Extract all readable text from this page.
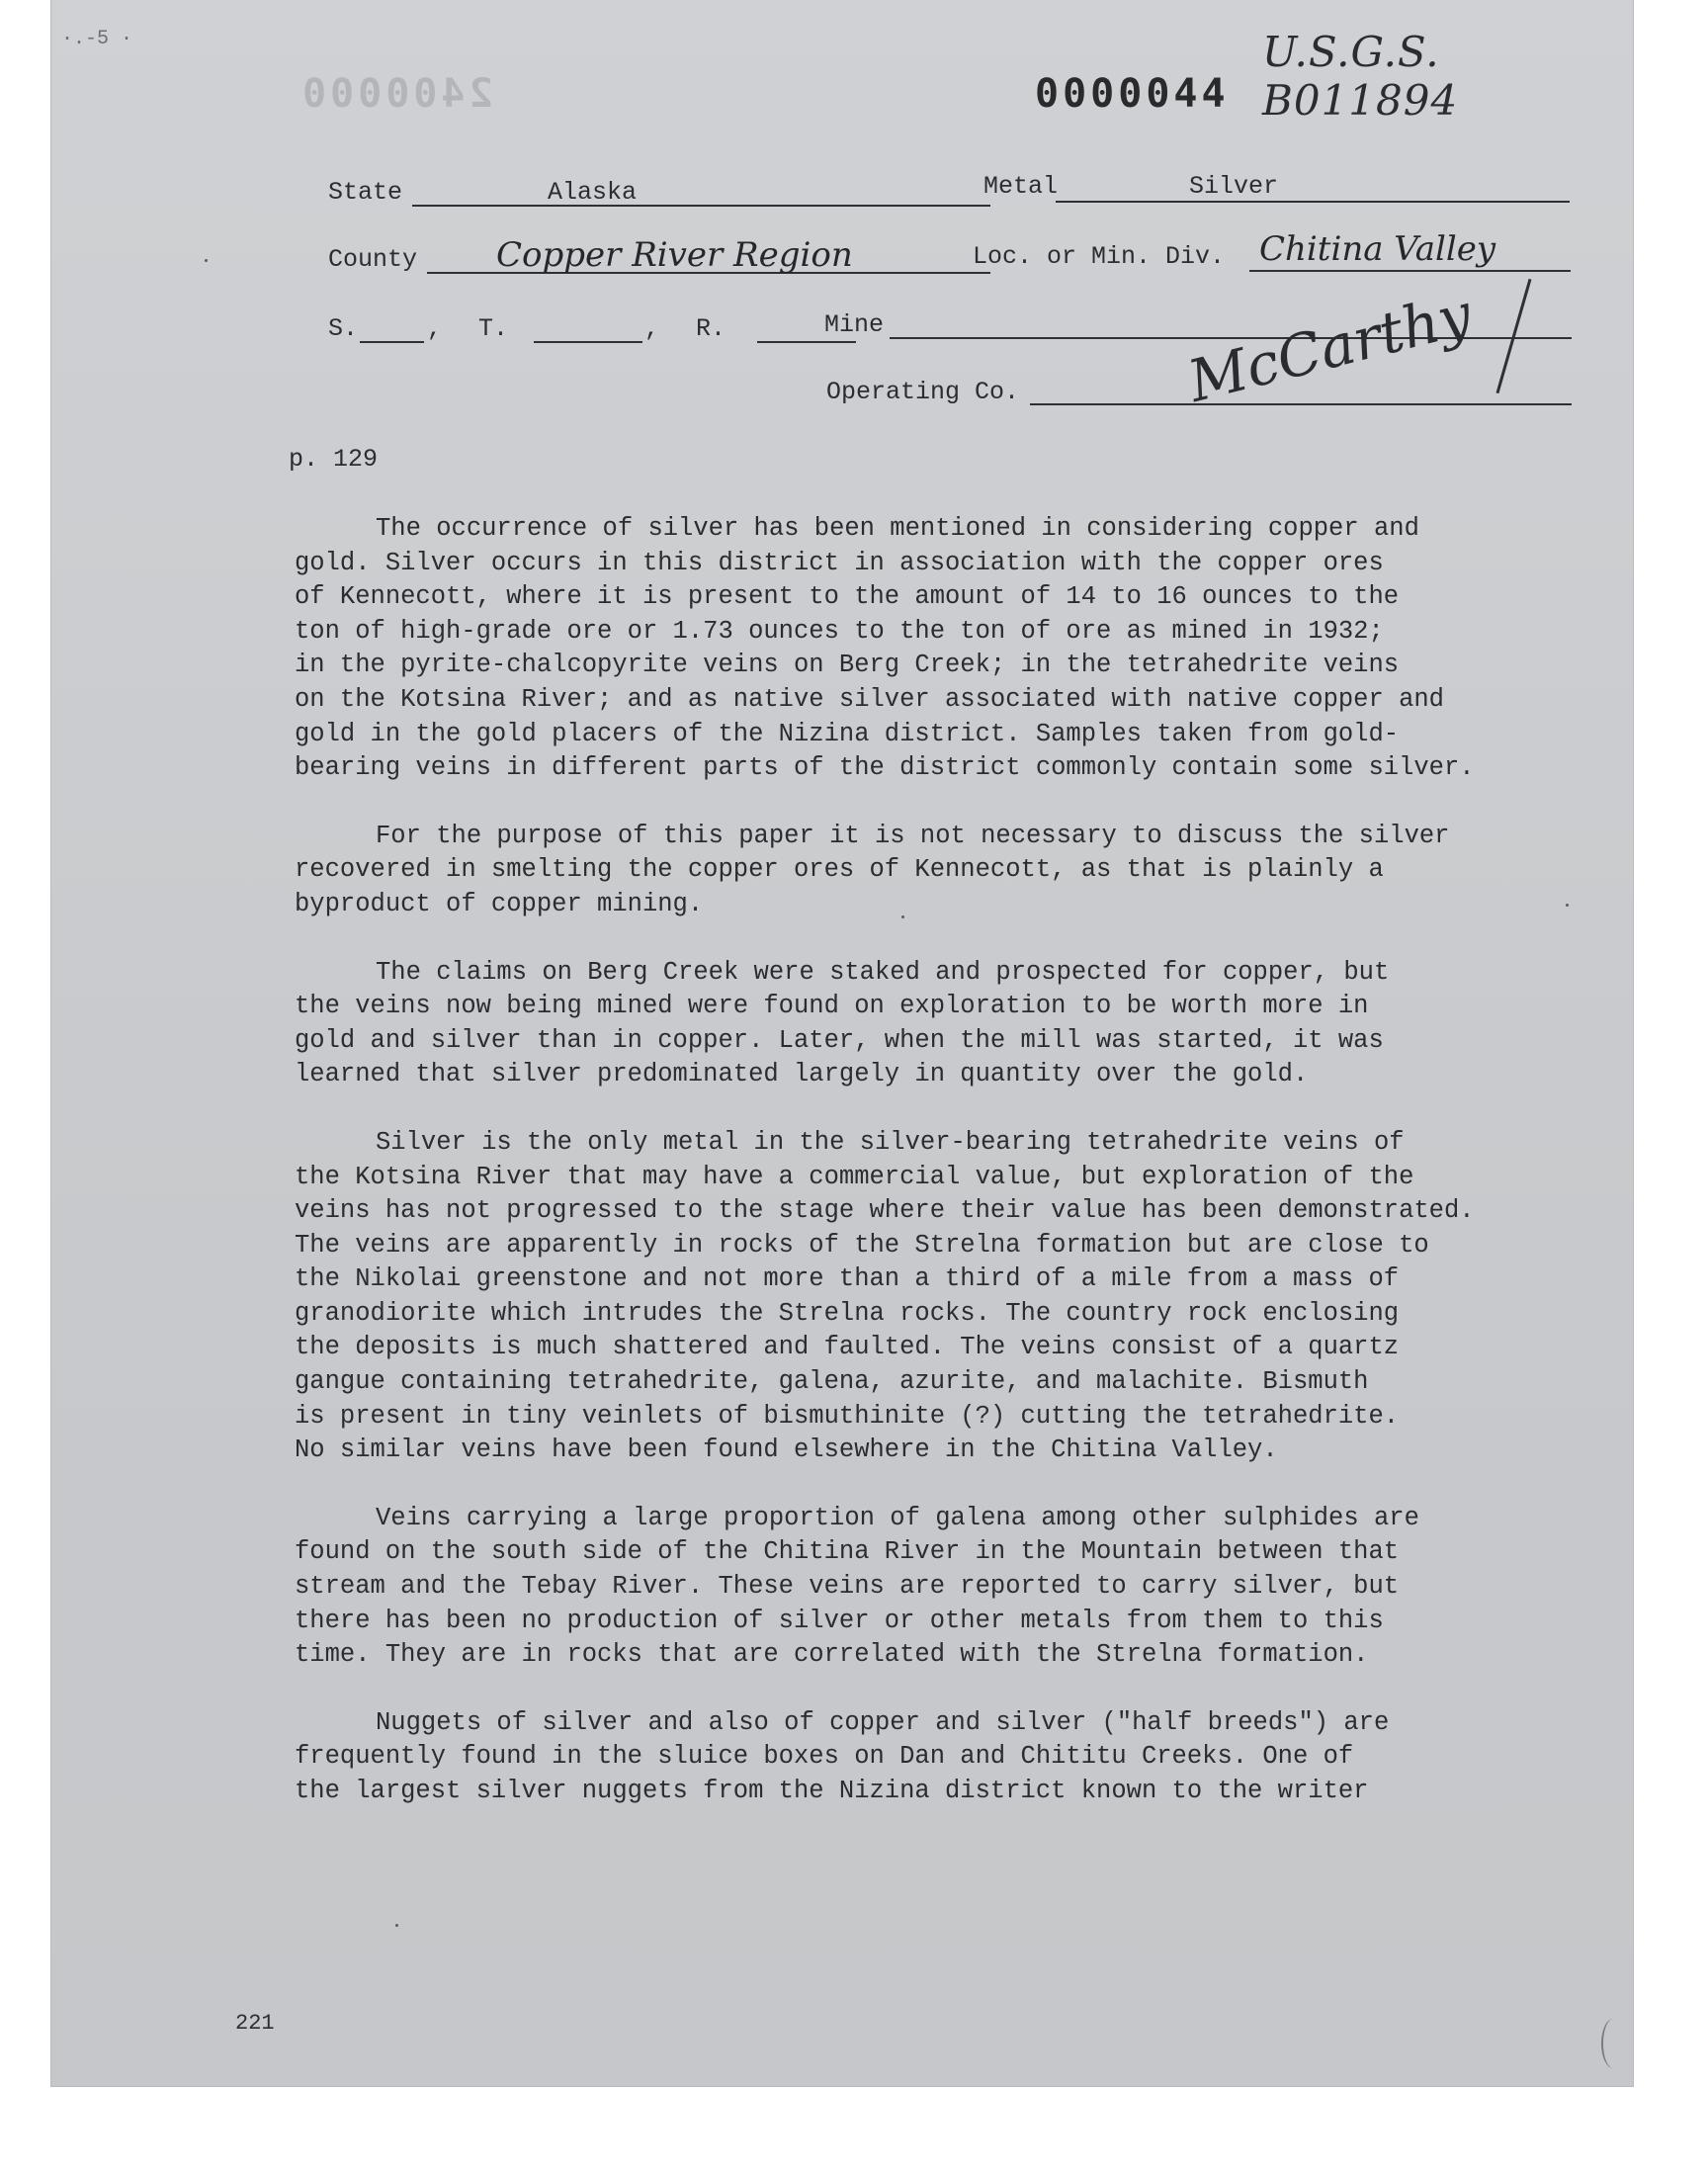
·.-5 ·
2400000	0000044
U.S.G.S. B011894
State	Alaska	Metal	Silver
County Copper River Region	Loc. or Min. Div. Chitina Valley
S.	, T.	, R.	Mine
Operating Co.	McCarthy
p. 129

The occurrence of silver has been mentioned in considering copper and
gold. Silver occurs in this district in association with the copper ores
of Kennecott, where it is present to the amount of 14 to 16 ounces to the
ton of high-grade ore or 1.73 ounces to the ton of ore as mined in 1932;
in the pyrite-chalcopyrite veins on Berg Creek; in the tetrahedrite veins
on the Kotsina River; and as native silver associated with native copper and
gold in the gold placers of the Nizina district. Samples taken from gold-
bearing veins in different parts of the district commonly contain some silver.

For the purpose of this paper it is not necessary to discuss the silver
recovered in smelting the copper ores of Kennecott, as that is plainly a
byproduct of copper mining.

The claims on Berg Creek were staked and prospected for copper, but
the veins now being mined were found on exploration to be worth more in
gold and silver than in copper. Later, when the mill was started, it was
learned that silver predominated largely in quantity over the gold.

Silver is the only metal in the silver-bearing tetrahedrite veins of
the Kotsina River that may have a commercial value, but exploration of the
veins has not progressed to the stage where their value has been demonstrated.
The veins are apparently in rocks of the Strelna formation but are close to
the Nikolai greenstone and not more than a third of a mile from a mass of
granodiorite which intrudes the Strelna rocks. The country rock enclosing
the deposits is much shattered and faulted. The veins consist of a quartz
gangue containing tetrahedrite, galena, azurite, and malachite. Bismuth
is present in tiny veinlets of bismuthinite (?) cutting the tetrahedrite.
No similar veins have been found elsewhere in the Chitina Valley.

Veins carrying a large proportion of galena among other sulphides are
found on the south side of the Chitina River in the Mountain between that
stream and the Tebay River. These veins are reported to carry silver, but
there has been no production of silver or other metals from them to this
time. They are in rocks that are correlated with the Strelna formation.

Nuggets of silver and also of copper and silver ("half breeds") are
frequently found in the sluice boxes on Dan and Chititu Creeks. One of
the largest silver nuggets from the Nizina district known to the writer

221
